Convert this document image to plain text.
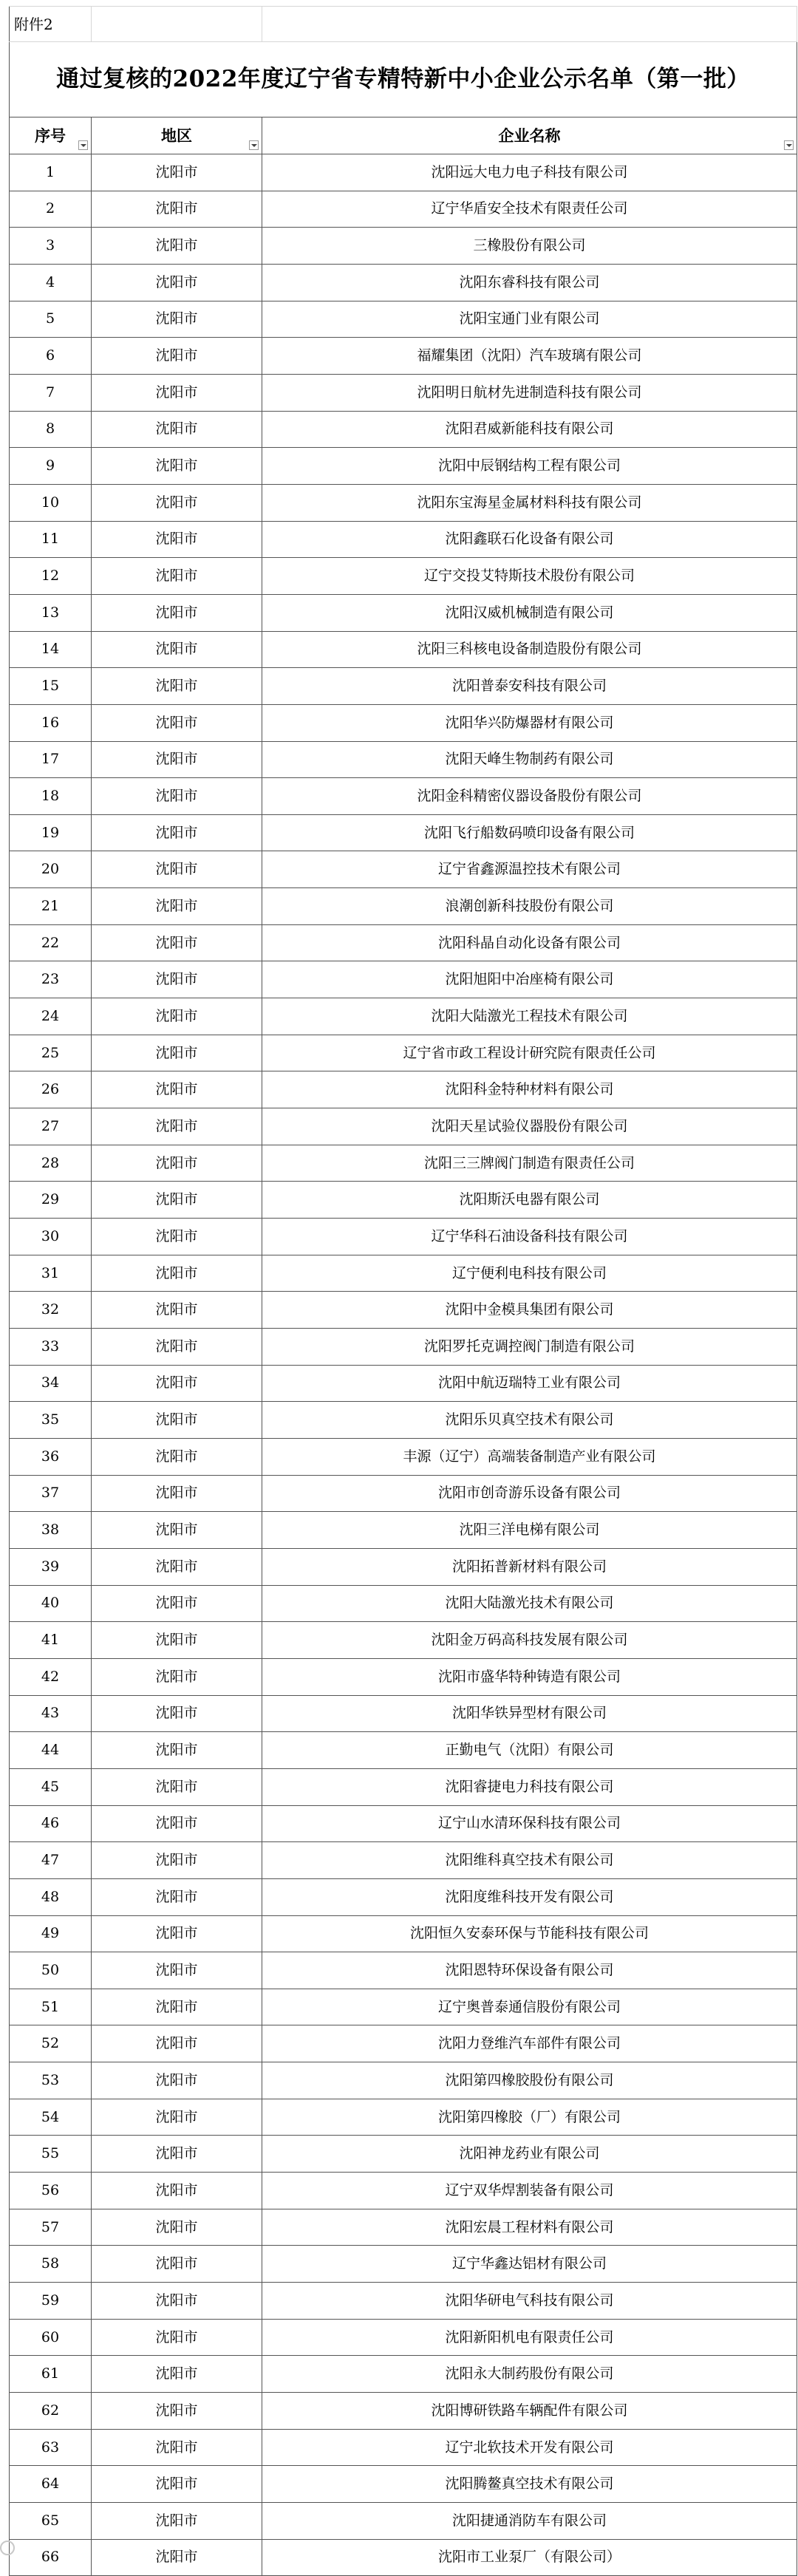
附件2		
通过复核的2022年度辽宁省专精特新中小企业公示名单（第一批）		
序号	地区	企业名称

1	沈阳市	沈阳远大电力电子科技有限公司
2	沈阳市	辽宁华盾安全技术有限责任公司
3	沈阳市	三橡股份有限公司
4	沈阳市	沈阳东睿科技有限公司
5	沈阳市	沈阳宝通门业有限公司
6	沈阳市	福耀集团（沈阳）汽车玻璃有限公司
7	沈阳市	沈阳明日航材先进制造科技有限公司
8	沈阳市	沈阳君威新能科技有限公司
9	沈阳市	沈阳中辰钢结构工程有限公司
10	沈阳市	沈阳东宝海星金属材料科技有限公司
11	沈阳市	沈阳鑫联石化设备有限公司
12	沈阳市	辽宁交投艾特斯技术股份有限公司
13	沈阳市	沈阳汉威机械制造有限公司
14	沈阳市	沈阳三科核电设备制造股份有限公司
15	沈阳市	沈阳普泰安科技有限公司
16	沈阳市	沈阳华兴防爆器材有限公司
17	沈阳市	沈阳天峰生物制药有限公司
18	沈阳市	沈阳金科精密仪器设备股份有限公司
19	沈阳市	沈阳飞行船数码喷印设备有限公司
20	沈阳市	辽宁省鑫源温控技术有限公司
21	沈阳市	浪潮创新科技股份有限公司
22	沈阳市	沈阳科晶自动化设备有限公司
23	沈阳市	沈阳旭阳中冶座椅有限公司
24	沈阳市	沈阳大陆激光工程技术有限公司
25	沈阳市	辽宁省市政工程设计研究院有限责任公司
26	沈阳市	沈阳科金特种材料有限公司
27	沈阳市	沈阳天星试验仪器股份有限公司
28	沈阳市	沈阳三三牌阀门制造有限责任公司
29	沈阳市	沈阳斯沃电器有限公司
30	沈阳市	辽宁华科石油设备科技有限公司
31	沈阳市	辽宁便利电科技有限公司
32	沈阳市	沈阳中金模具集团有限公司
33	沈阳市	沈阳罗托克调控阀门制造有限公司
34	沈阳市	沈阳中航迈瑞特工业有限公司
35	沈阳市	沈阳乐贝真空技术有限公司
36	沈阳市	丰源（辽宁）高端装备制造产业有限公司
37	沈阳市	沈阳市创奇游乐设备有限公司
38	沈阳市	沈阳三洋电梯有限公司
39	沈阳市	沈阳拓普新材料有限公司
40	沈阳市	沈阳大陆激光技术有限公司
41	沈阳市	沈阳金万码高科技发展有限公司
42	沈阳市	沈阳市盛华特种铸造有限公司
43	沈阳市	沈阳华铁异型材有限公司
44	沈阳市	正勤电气（沈阳）有限公司
45	沈阳市	沈阳睿捷电力科技有限公司
46	沈阳市	辽宁山水清环保科技有限公司
47	沈阳市	沈阳维科真空技术有限公司
48	沈阳市	沈阳度维科技开发有限公司
49	沈阳市	沈阳恒久安泰环保与节能科技有限公司
50	沈阳市	沈阳恩特环保设备有限公司
51	沈阳市	辽宁奥普泰通信股份有限公司
52	沈阳市	沈阳力登维汽车部件有限公司
53	沈阳市	沈阳第四橡胶股份有限公司
54	沈阳市	沈阳第四橡胶（厂）有限公司
55	沈阳市	沈阳神龙药业有限公司
56	沈阳市	辽宁双华焊割装备有限公司
57	沈阳市	沈阳宏晨工程材料有限公司
58	沈阳市	辽宁华鑫达铝材有限公司
59	沈阳市	沈阳华研电气科技有限公司
60	沈阳市	沈阳新阳机电有限责任公司
61	沈阳市	沈阳永大制药股份有限公司
62	沈阳市	沈阳博研铁路车辆配件有限公司
63	沈阳市	辽宁北软技术开发有限公司
64	沈阳市	沈阳腾鳌真空技术有限公司
65	沈阳市	沈阳捷通消防车有限公司
66	沈阳市	沈阳市工业泵厂（有限公司）
